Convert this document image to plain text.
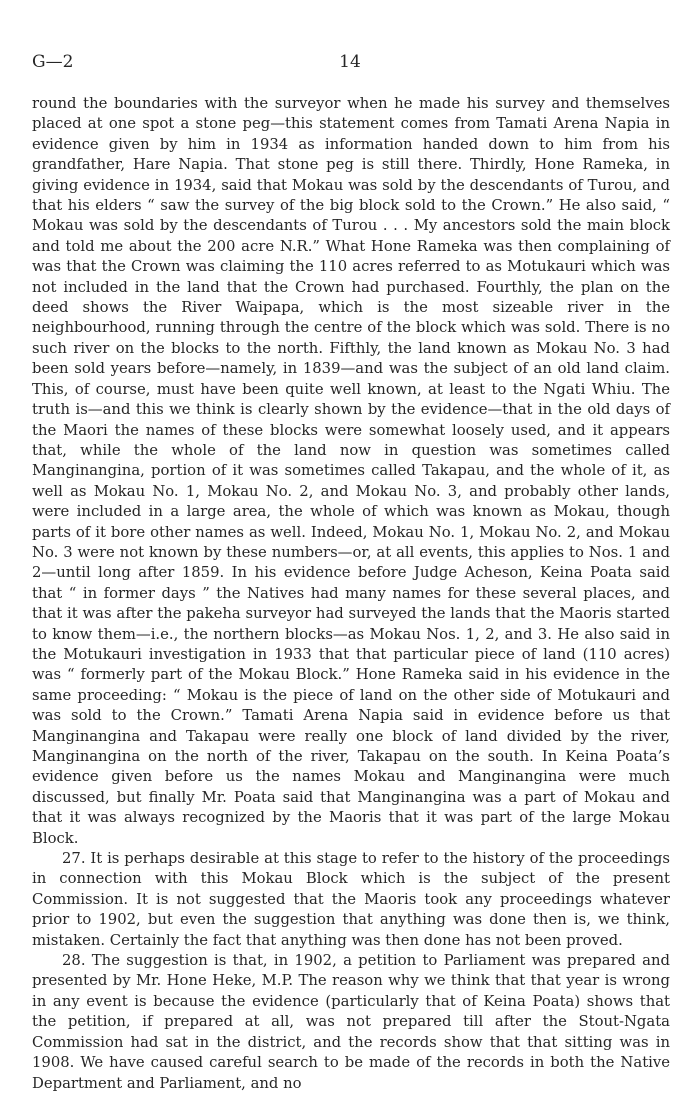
G—2	14

round the boundaries with the surveyor when he made his survey and themselves placed at one spot a stone peg—this statement comes from Tamati Arena Napia in evidence given by him in 1934 as information handed down to him from his grandfather, Hare Napia. That stone peg is still there. Thirdly, Hone Rameka, in giving evidence in 1934, said that Mokau was sold by the descendants of Turou, and that his elders “ saw the survey of the big block sold to the Crown.” He also said, “ Mokau was sold by the descendants of Turou . . . My ancestors sold the main block and told me about the 200 acre N.R.” What Hone Rameka was then complaining of was that the Crown was claiming the 110 acres referred to as Motukauri which was not included in the land that the Crown had purchased. Fourthly, the plan on the deed shows the River Waipapa, which is the most sizeable river in the neighbourhood, running through the centre of the block which was sold. There is no such river on the blocks to the north. Fifthly, the land known as Mokau No. 3 had been sold years before—namely, in 1839—and was the subject of an old land claim. This, of course, must have been quite well known, at least to the Ngati Whiu. The truth is—and this we think is clearly shown by the evidence—that in the old days of the Maori the names of these blocks were somewhat loosely used, and it appears that, while the whole of the land now in question was sometimes called Manginangina, portion of it was sometimes called Takapau, and the whole of it, as well as Mokau No. 1, Mokau No. 2, and Mokau No. 3, and probably other lands, were included in a large area, the whole of which was known as Mokau, though parts of it bore other names as well. Indeed, Mokau No. 1, Mokau No. 2, and Mokau No. 3 were not known by these numbers—or, at all events, this applies to Nos. 1 and 2—until long after 1859. In his evidence before Judge Acheson, Keina Poata said that “ in former days ” the Natives had many names for these several places, and that it was after the pakeha surveyor had surveyed the lands that the Maoris started to know them—i.e., the northern blocks—as Mokau Nos. 1, 2, and 3. He also said in the Motukauri investigation in 1933 that that particular piece of land (110 acres) was “ formerly part of the Mokau Block.” Hone Rameka said in his evidence in the same proceeding: “ Mokau is the piece of land on the other side of Motukauri and was sold to the Crown.” Tamati Arena Napia said in evidence before us that Manginangina and Takapau were really one block of land divided by the river, Manginangina on the north of the river, Takapau on the south. In Keina Poata’s evidence given before us the names Mokau and Manginangina were much discussed, but finally Mr. Poata said that Manginangina was a part of Mokau and that it was always recognized by the Maoris that it was part of the large Mokau Block.

27. It is perhaps desirable at this stage to refer to the history of the proceedings in connection with this Mokau Block which is the subject of the present Commission. It is not suggested that the Maoris took any proceedings whatever prior to 1902, but even the suggestion that anything was done then is, we think, mistaken. Certainly the fact that anything was then done has not been proved.

28. The suggestion is that, in 1902, a petition to Parliament was prepared and presented by Mr. Hone Heke, M.P. The reason why we think that that year is wrong in any event is because the evidence (particularly that of Keina Poata) shows that the petition, if prepared at all, was not prepared till after the Stout-Ngata Commission had sat in the district, and the records show that that sitting was in 1908. We have caused careful search to be made of the records in both the Native Department and Parliament, and no
